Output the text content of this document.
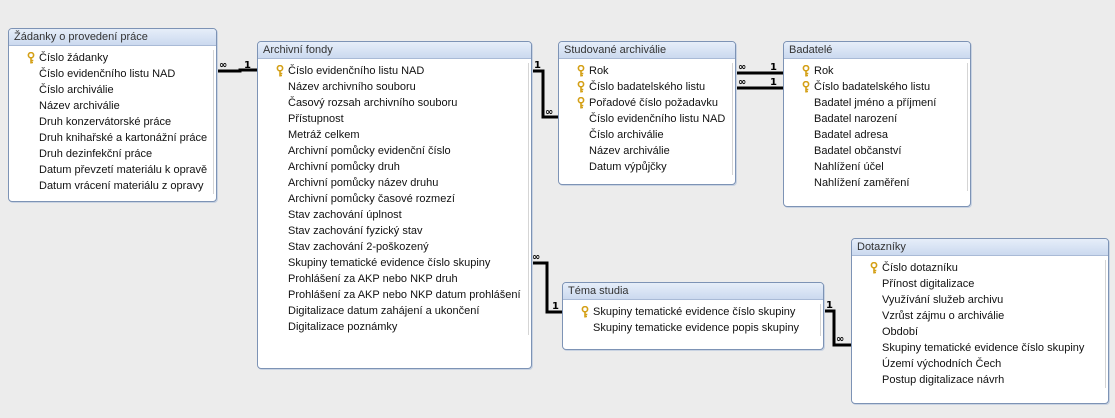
∞ 1	1
∞
∞ 1
∞ 1
∞
1	1
∞
Žádanky o provedení práce
Číslo žádanky
Číslo evidenčního listu NAD
Číslo archiválie
Název archiválie
Druh konzervátorské práce
Druh knihařské a kartonážní práce
Druh dezinfekční práce
Datum převzetí materiálu k opravě
Datum vrácení materiálu z opravy
Archivní fondy
Číslo evidenčního listu NAD
Název archivního souboru
Časový rozsah archivního souboru
Přístupnost
Metráž celkem
Archivní pomůcky evidenční číslo
Archivní pomůcky druh
Archivní pomůcky název druhu
Archivní pomůcky časové rozmezí
Stav zachování úplnost
Stav zachování fyzický stav
Stav zachování 2-poškozený
Skupiny tematické evidence číslo skupiny
Prohlášení za AKP nebo NKP druh
Prohlášení za AKP nebo NKP datum prohlášení
Digitalizace datum zahájení a ukončení
Digitalizace poznámky
Studované archiválie
Rok
Číslo badatelského listu
Pořadové číslo požadavku
Číslo evidenčního listu NAD
Číslo archiválie
Název archiválie
Datum výpůjčky
Badatelé
Rok
Číslo badatelského listu
Badatel jméno a příjmení
Badatel narození
Badatel adresa
Badatel občanství
Nahlížení účel
Nahlížení zaměření
Téma studia
Skupiny tematické evidence číslo skupiny
Skupiny tematicke evidence popis skupiny
Dotazníky
Číslo dotazníku
Přínost digitalizace
Využívání služeb archivu
Vzrůst zájmu o archiválie
Období
Skupiny tematické evidence číslo skupiny
Území východních Čech
Postup digitalizace návrh
